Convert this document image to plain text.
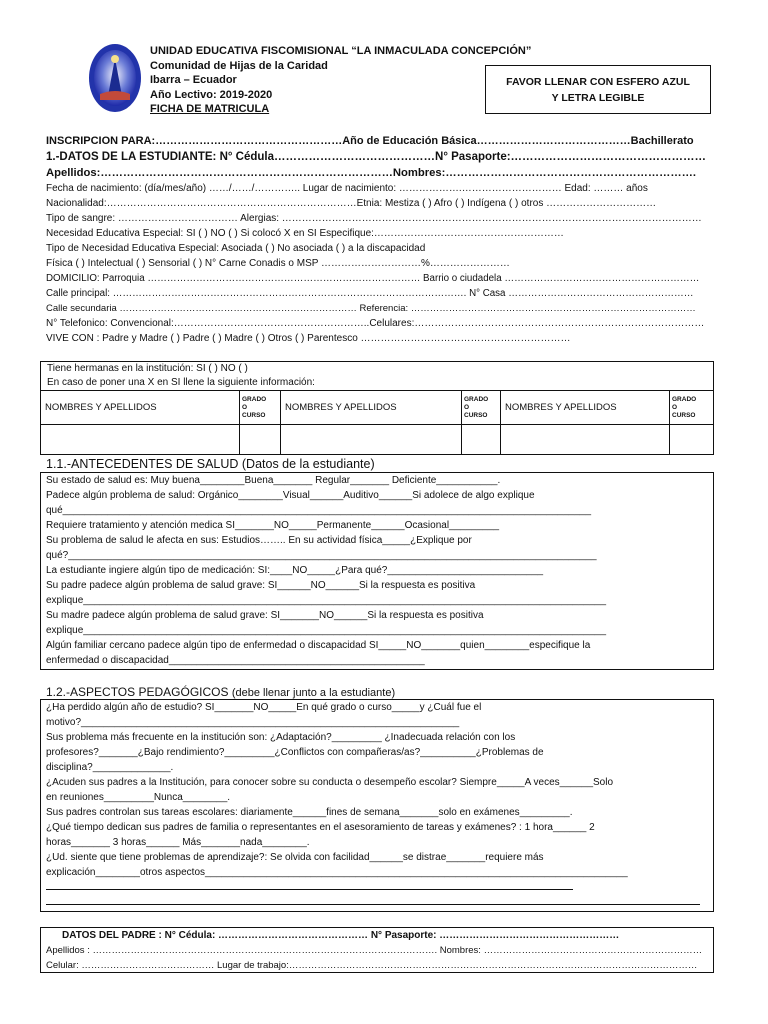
UNIDAD EDUCATIVA FISCOMISIONAL “LA INMACULADA CONCEPCIÓN”
Comunidad de Hijas de la Caridad
Ibarra – Ecuador
Año Lectivo: 2019-2020
FICHA DE MATRICULA
FAVOR LLENAR CON ESFERO AZUL Y LETRA LEGIBLE
INSCRIPCION PARA:……………………………………………Año de Educación Básica……………………………………Bachillerato
1.-DATOS DE LA ESTUDIANTE: N° Cédula……………………………………N° Pasaporte:……………………………………………
Apellidos:……………………………………………………………………Nombres:………………………………………………………….
Fecha de nacimiento: (día/mes/año) ……/……/………….. Lugar de nacimiento: ……………….………………………… Edad: ……… años
Nacionalidad:…………………………………………………………………Etnia: Mestiza ( ) Afro ( ) Indígena ( ) otros ……………………………
Tipo de sangre: ……………………………… Alergias: ………………………………………………………………………………………………………………
Necesidad Educativa Especial: SI ( ) NO ( ) Si colocó X en SI Especifique:…………………………………………………
Tipo de Necesidad Educativa Especial: Asociada ( ) No asociada ( ) a la discapacidad
Física ( ) Intelectual ( ) Sensorial ( ) N° Carne Conadis o MSP …………………………%……………………
DOMICILIO: Parroquia ………………………………………………………………………… Barrio o ciudadela ……………………………………………………
Calle principal: ………………………………………………………………………………………………. N° Casa …………………………………………………
Calle secundaria ………………………………………………………………… Referencia: ………………………………………………………………………………
N° Telefonico: Convencional:…………………………………………………..Celulares:……………………………………………………………………………
VIVE CON : Padre y Madre ( ) Padre ( ) Madre ( ) Otros ( ) Parentesco ………………………………………………………
Tiene hermanas en la institución: SI ( ) NO ( )
En caso de poner una X en SI llene la siguiente información:
NOMBRES Y APELLIDOS	GRADO
O
CURSO	NOMBRES Y APELLIDOS	GRADO
O
CURSO	NOMBRES Y APELLIDOS	GRADO
O
CURSO

1.1.-ANTECEDENTES DE SALUD (Datos de la estudiante)
Su estado de salud es: Muy buena________Buena_______ Regular_______ Deficiente___________.
Padece algún problema de salud: Orgánico________Visual______Auditivo______Si adolece de algo explique
qué_______________________________________________________________________________________________
Requiere tratamiento y atención medica SI_______NO_____Permanente______Ocasional_________
Su problema de salud le afecta en sus: Estudios…….. En su actividad física_____¿Explique por
qué?_______________________________________________________________________________________________
La estudiante ingiere algún tipo de medicación: SI:____NO_____¿Para qué?____________________________
Su padre padece algún problema de salud grave: SI______NO______Si la respuesta es positiva
explique______________________________________________________________________________________________
Su madre padece algún problema de salud grave: SI_______NO______Si la respuesta es positiva
explique______________________________________________________________________________________________
Algún familiar cercano padece algún tipo de enfermedad o discapacidad SI_____NO_______quien________especifique la
enfermedad o discapacidad______________________________________________
1.2.-ASPECTOS PEDAGÓGICOS (debe llenar junto a la estudiante)
¿Ha perdido algún año de estudio? SI_______NO_____En qué grado o curso_____y ¿Cuál fue el
motivo?____________________________________________________________________
Sus problema más frecuente en la institución son: ¿Adaptación?_________ ¿Inadecuada relación con los
profesores?_______¿Bajo rendimiento?_________¿Conflictos con compañeras/as?__________¿Problemas de
disciplina?______________.
¿Acuden sus padres a la Institución, para conocer sobre su conducta o desempeño escolar? Siempre_____A veces______Solo
en reuniones_________Nunca________.
Sus padres controlan sus tareas escolares: diariamente______fines de semana_______solo en exámenes_________.
¿Qué tiempo dedican sus padres de familia o representantes en el asesoramiento de tareas y exámenes? : 1 hora______ 2
horas_______ 3 horas______ Más_______nada________.
¿Ud. siente que tiene problemas de aprendizaje?: Se olvida con facilidad______se distrae_______requiere más
explicación________otros aspectos____________________________________________________________________________
DATOS DEL PADRE : N° Cédula: ……………………………………… N° Pasaporte: ………………………………………………
Apellidos : ………………………………………………………………………………………………. Nombres: ……………………………………………………………
Celular: …………………………………… Lugar de trabajo:…………………………………………………………………………………………………………………
